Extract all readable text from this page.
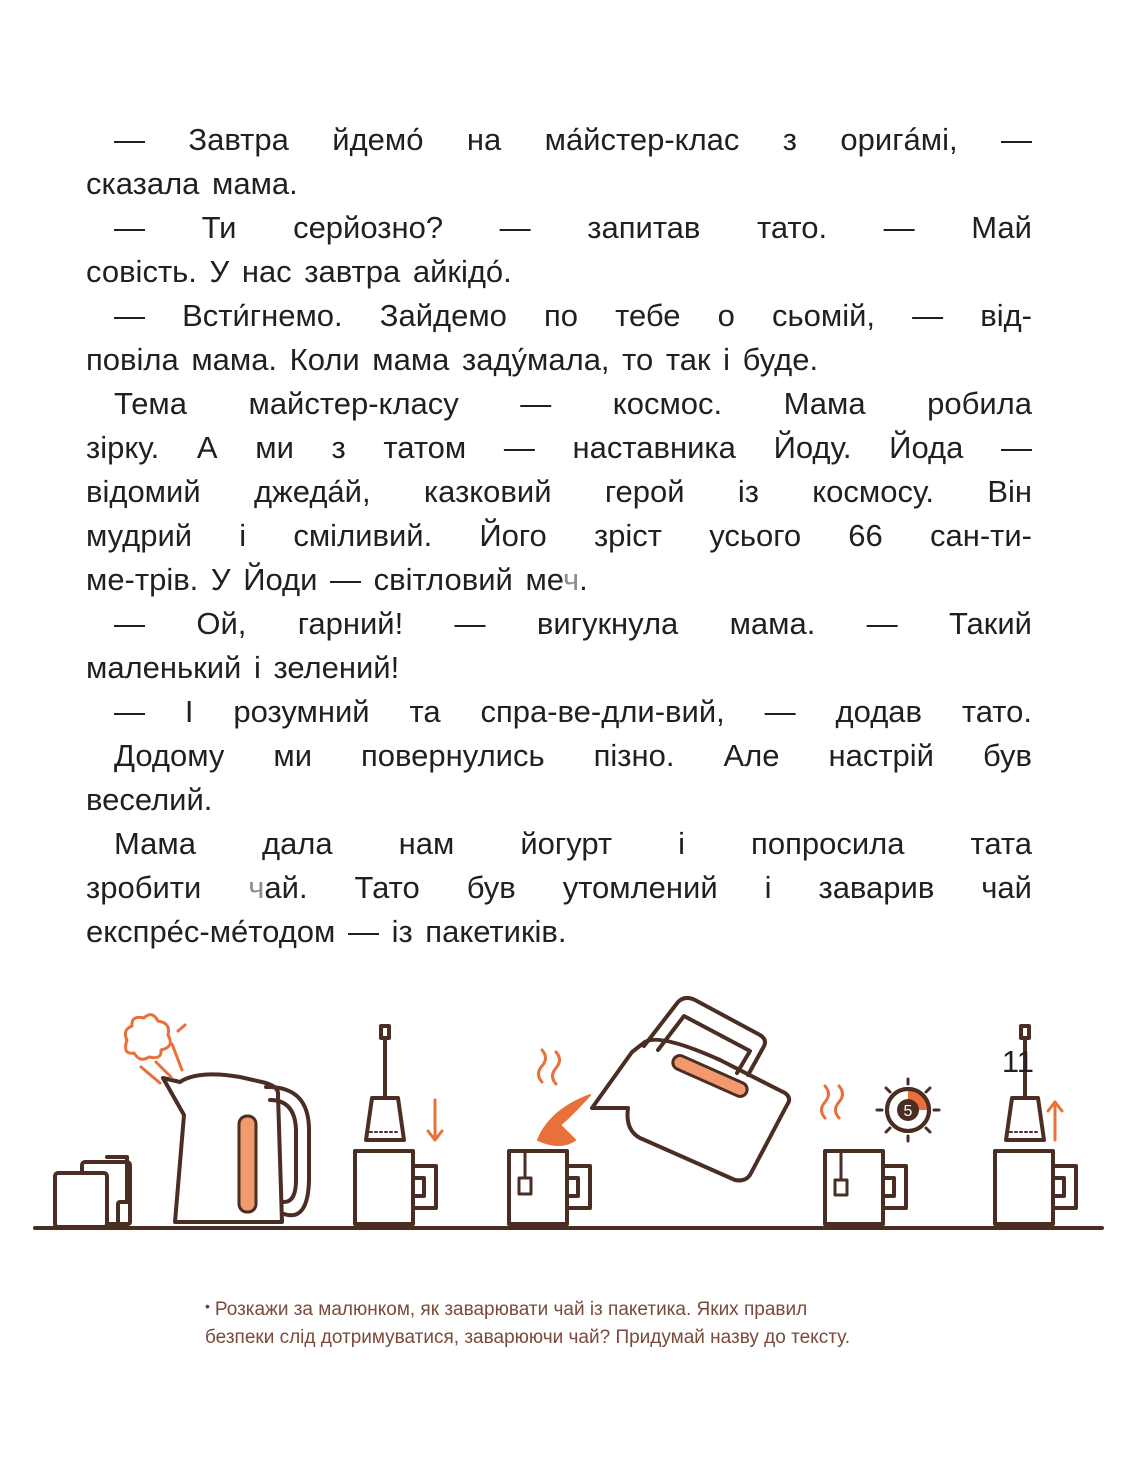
— Завтра йдемо́ на ма́йстер-клас з оригáмі, —

сказала мама.

— Ти серйозно? — запитав тато. — Май

совість. У нас завтра айкідо́.

— Всти́гнемо. Зайдемо по тебе о сьомій, — від-

повіла мама. Коли мама заду́мала, то так і буде.

Тема майстер-класу — космос. Мама робила

зірку. А ми з татом — наставника Йоду. Йода —

відомий джеда́й, казковий герой із космосу. Він

мудрий і сміливий. Його зріст усього 66 сан-ти-

ме-трів. У Йоди — світловий меч.

— Ой, гарний! — вигукнула мама. — Такий

маленький і зелений!

— І розумний та спра-ве-дли-вий, — додав тато.

Додому ми повернулись пізно. Але настрій був

веселий.

Мама дала нам йогурт і попросила тата

зробити чай. Тато був утомлений і заварив чай

експре́с-ме́тодом — із пакетиків.

5
• Розкажи за малюнком, як заварювати чай із пакетика. Яких правил
безпеки слід дотримуватися, заварюючи чай? Придумай назву до тексту.
11
